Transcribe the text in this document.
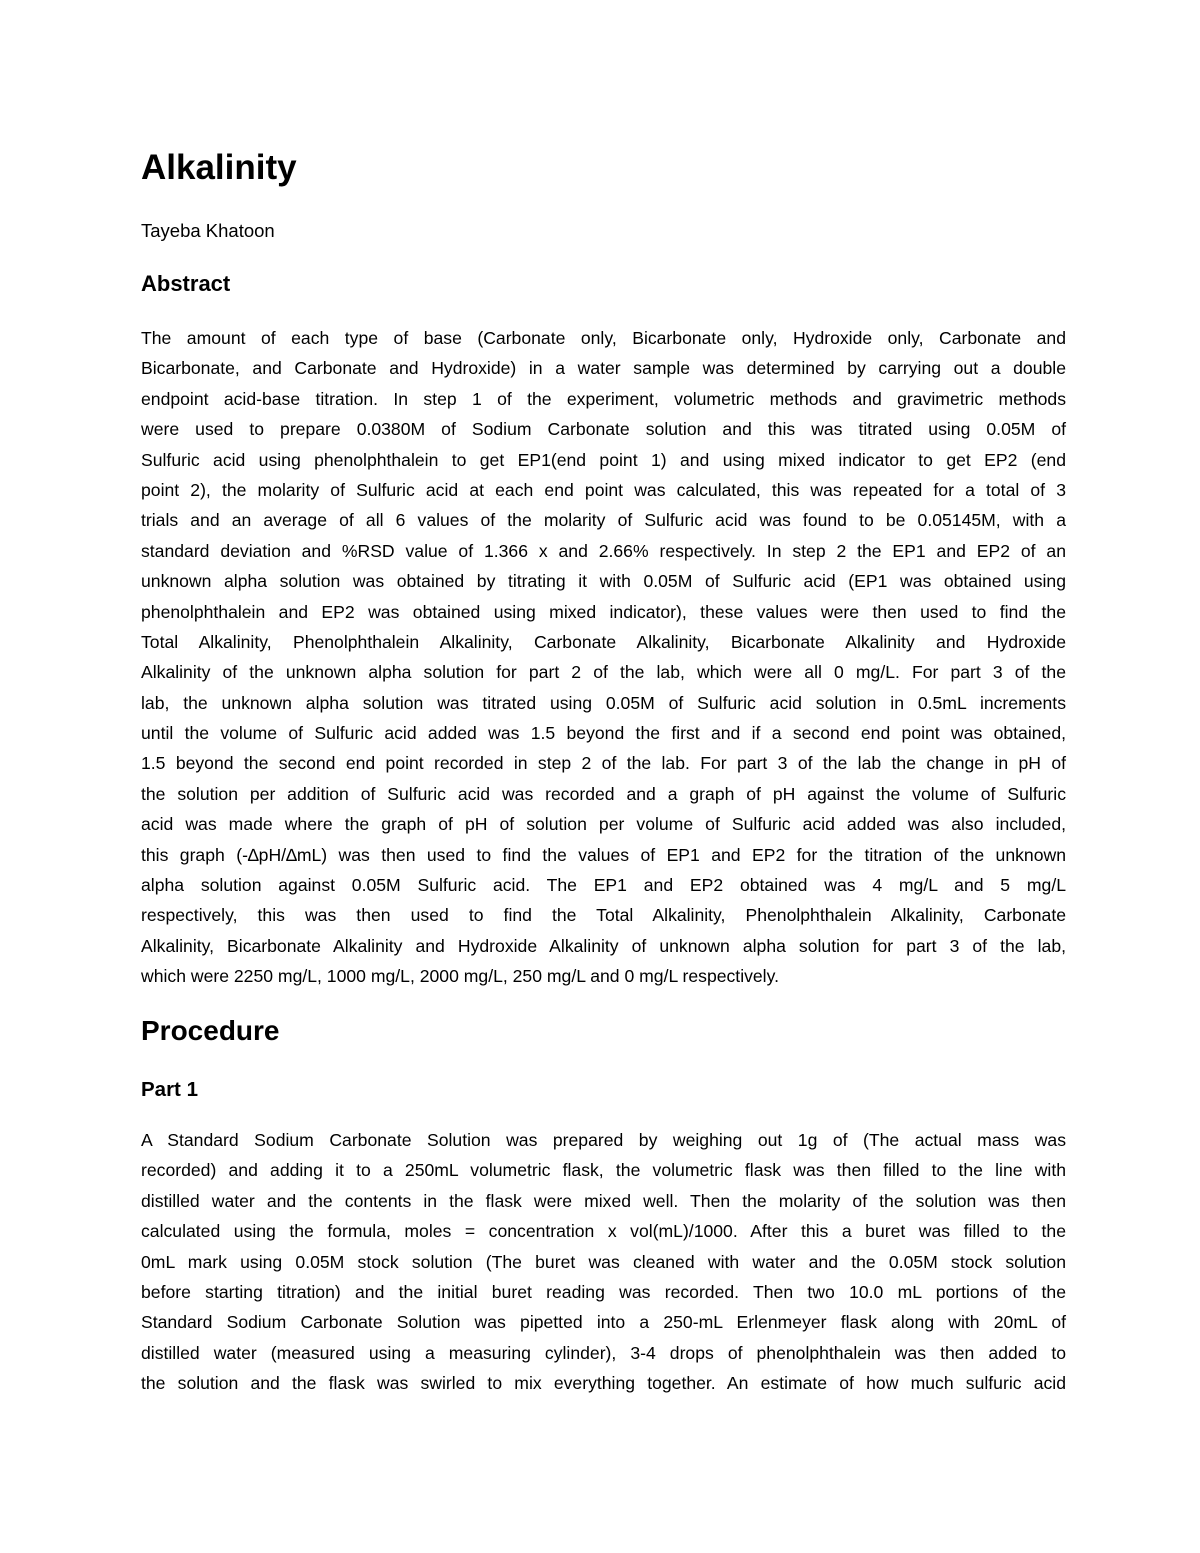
Alkalinity

Tayeba Khatoon

Abstract
The amount of each type of base (Carbonate only, Bicarbonate only, Hydroxide only, Carbonate and
Bicarbonate, and Carbonate and Hydroxide) in a water sample was determined by carrying out a double
endpoint acid-base titration. In step 1 of the experiment, volumetric methods and gravimetric methods
were used to prepare 0.0380M of Sodium Carbonate solution and this was titrated using 0.05M of
Sulfuric acid using phenolphthalein to get EP1(end point 1) and using mixed indicator to get EP2 (end
point 2), the molarity of Sulfuric acid at each end point was calculated, this was repeated for a total of 3
trials and an average of all 6 values of the molarity of Sulfuric acid was found to be 0.05145M, with a
standard deviation and %RSD value of 1.366 x and 2.66% respectively. In step 2 the EP1 and EP2 of an
unknown alpha solution was obtained by titrating it with 0.05M of Sulfuric acid (EP1 was obtained using
phenolphthalein and EP2 was obtained using mixed indicator), these values were then used to find the
Total Alkalinity, Phenolphthalein Alkalinity, Carbonate Alkalinity, Bicarbonate Alkalinity and Hydroxide
Alkalinity of the unknown alpha solution for part 2 of the lab, which were all 0 mg/L. For part 3 of the
lab, the unknown alpha solution was titrated using 0.05M of Sulfuric acid solution in 0.5mL increments
until the volume of Sulfuric acid added was 1.5 beyond the first and if a second end point was obtained,
1.5 beyond the second end point recorded in step 2 of the lab. For part 3 of the lab the change in pH of
the solution per addition of Sulfuric acid was recorded and a graph of pH against the volume of Sulfuric
acid was made where the graph of pH of solution per volume of Sulfuric acid added was also included,
this graph (-∆pH/∆mL) was then used to find the values of EP1 and EP2 for the titration of the unknown
alpha solution against 0.05M Sulfuric acid. The EP1 and EP2 obtained was 4 mg/L and 5 mg/L
respectively, this was then used to find the Total Alkalinity, Phenolphthalein Alkalinity, Carbonate
Alkalinity, Bicarbonate Alkalinity and Hydroxide Alkalinity of unknown alpha solution for part 3 of the lab,
which were 2250 mg/L, 1000 mg/L, 2000 mg/L, 250 mg/L and 0 mg/L respectively.
Procedure
Part 1
A Standard Sodium Carbonate Solution was prepared by weighing out 1g of (The actual mass was
recorded) and adding it to a 250mL volumetric flask, the volumetric flask was then filled to the line with
distilled water and the contents in the flask were mixed well. Then the molarity of the solution was then
calculated using the formula, moles = concentration x vol(mL)/1000. After this a buret was filled to the
0mL mark using 0.05M stock solution (The buret was cleaned with water and the 0.05M stock solution
before starting titration) and the initial buret reading was recorded. Then two 10.0 mL portions of the
Standard Sodium Carbonate Solution was pipetted into a 250-mL Erlenmeyer flask along with 20mL of
distilled water (measured using a measuring cylinder), 3-4 drops of phenolphthalein was then added to
the solution and the flask was swirled to mix everything together. An estimate of how much sulfuric acid
